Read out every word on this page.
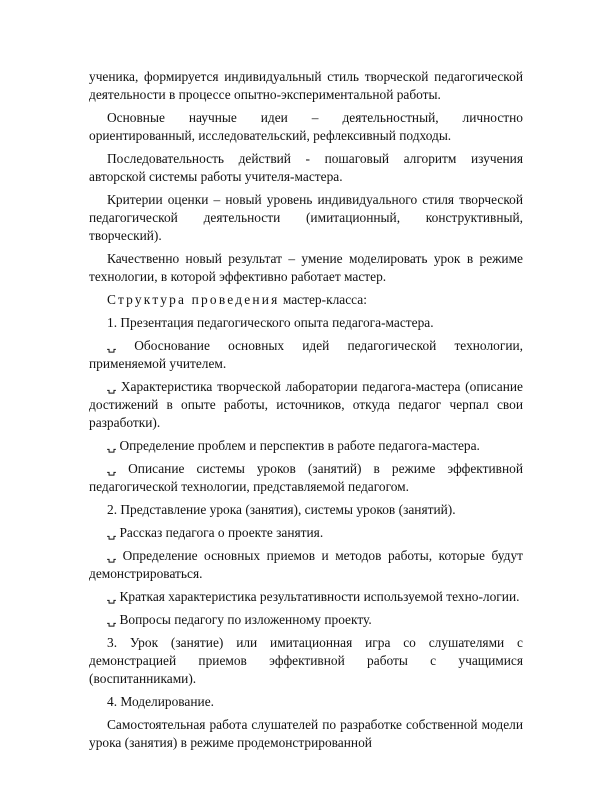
ученика, формируется индивидуальный стиль творческой педагогической деятельности в процессе опытно-экспериментальной работы.

Основные научные идеи – деятельностный, личностно ориентированный, исследовательский, рефлексивный подходы.

Последовательность действий - пошаговый алгоритм изучения авторской системы работы учителя-мастера.

Критерии оценки – новый уровень индивидуального стиля творческой педагогической деятельности (имитационный, конструктивный, творческий).

Качественно новый результат – умение моделировать урок в режиме технологии, в которой эффективно работает мастер.

Структура проведения мастер-класса:

1. Презентация педагогического опыта педагога-мастера.

⍽ Обоснование основных идей педагогической технологии, применяемой учителем.

⍽ Характеристика творческой лаборатории педагога-мастера (описание достижений в опыте работы, источников, откуда педагог черпал свои разработки).

⍽ Определение проблем и перспектив в работе педагога-мастера.

⍽ Описание системы уроков (занятий) в режиме эффективной педагогической технологии, представляемой педагогом.

2. Представление урока (занятия), системы уроков (занятий).

⍽ Рассказ педагога о проекте занятия.

⍽ Определение основных приемов и методов работы, которые будут демонстрироваться.

⍽ Краткая характеристика результативности используемой техно-логии.

⍽ Вопросы педагогу по изложенному проекту.

3. Урок (занятие) или имитационная игра со слушателями с демонстрацией приемов эффективной работы с учащимися (воспитанниками).

4. Моделирование.

Самостоятельная работа слушателей по разработке собственной модели урока (занятия) в режиме продемонстрированной
